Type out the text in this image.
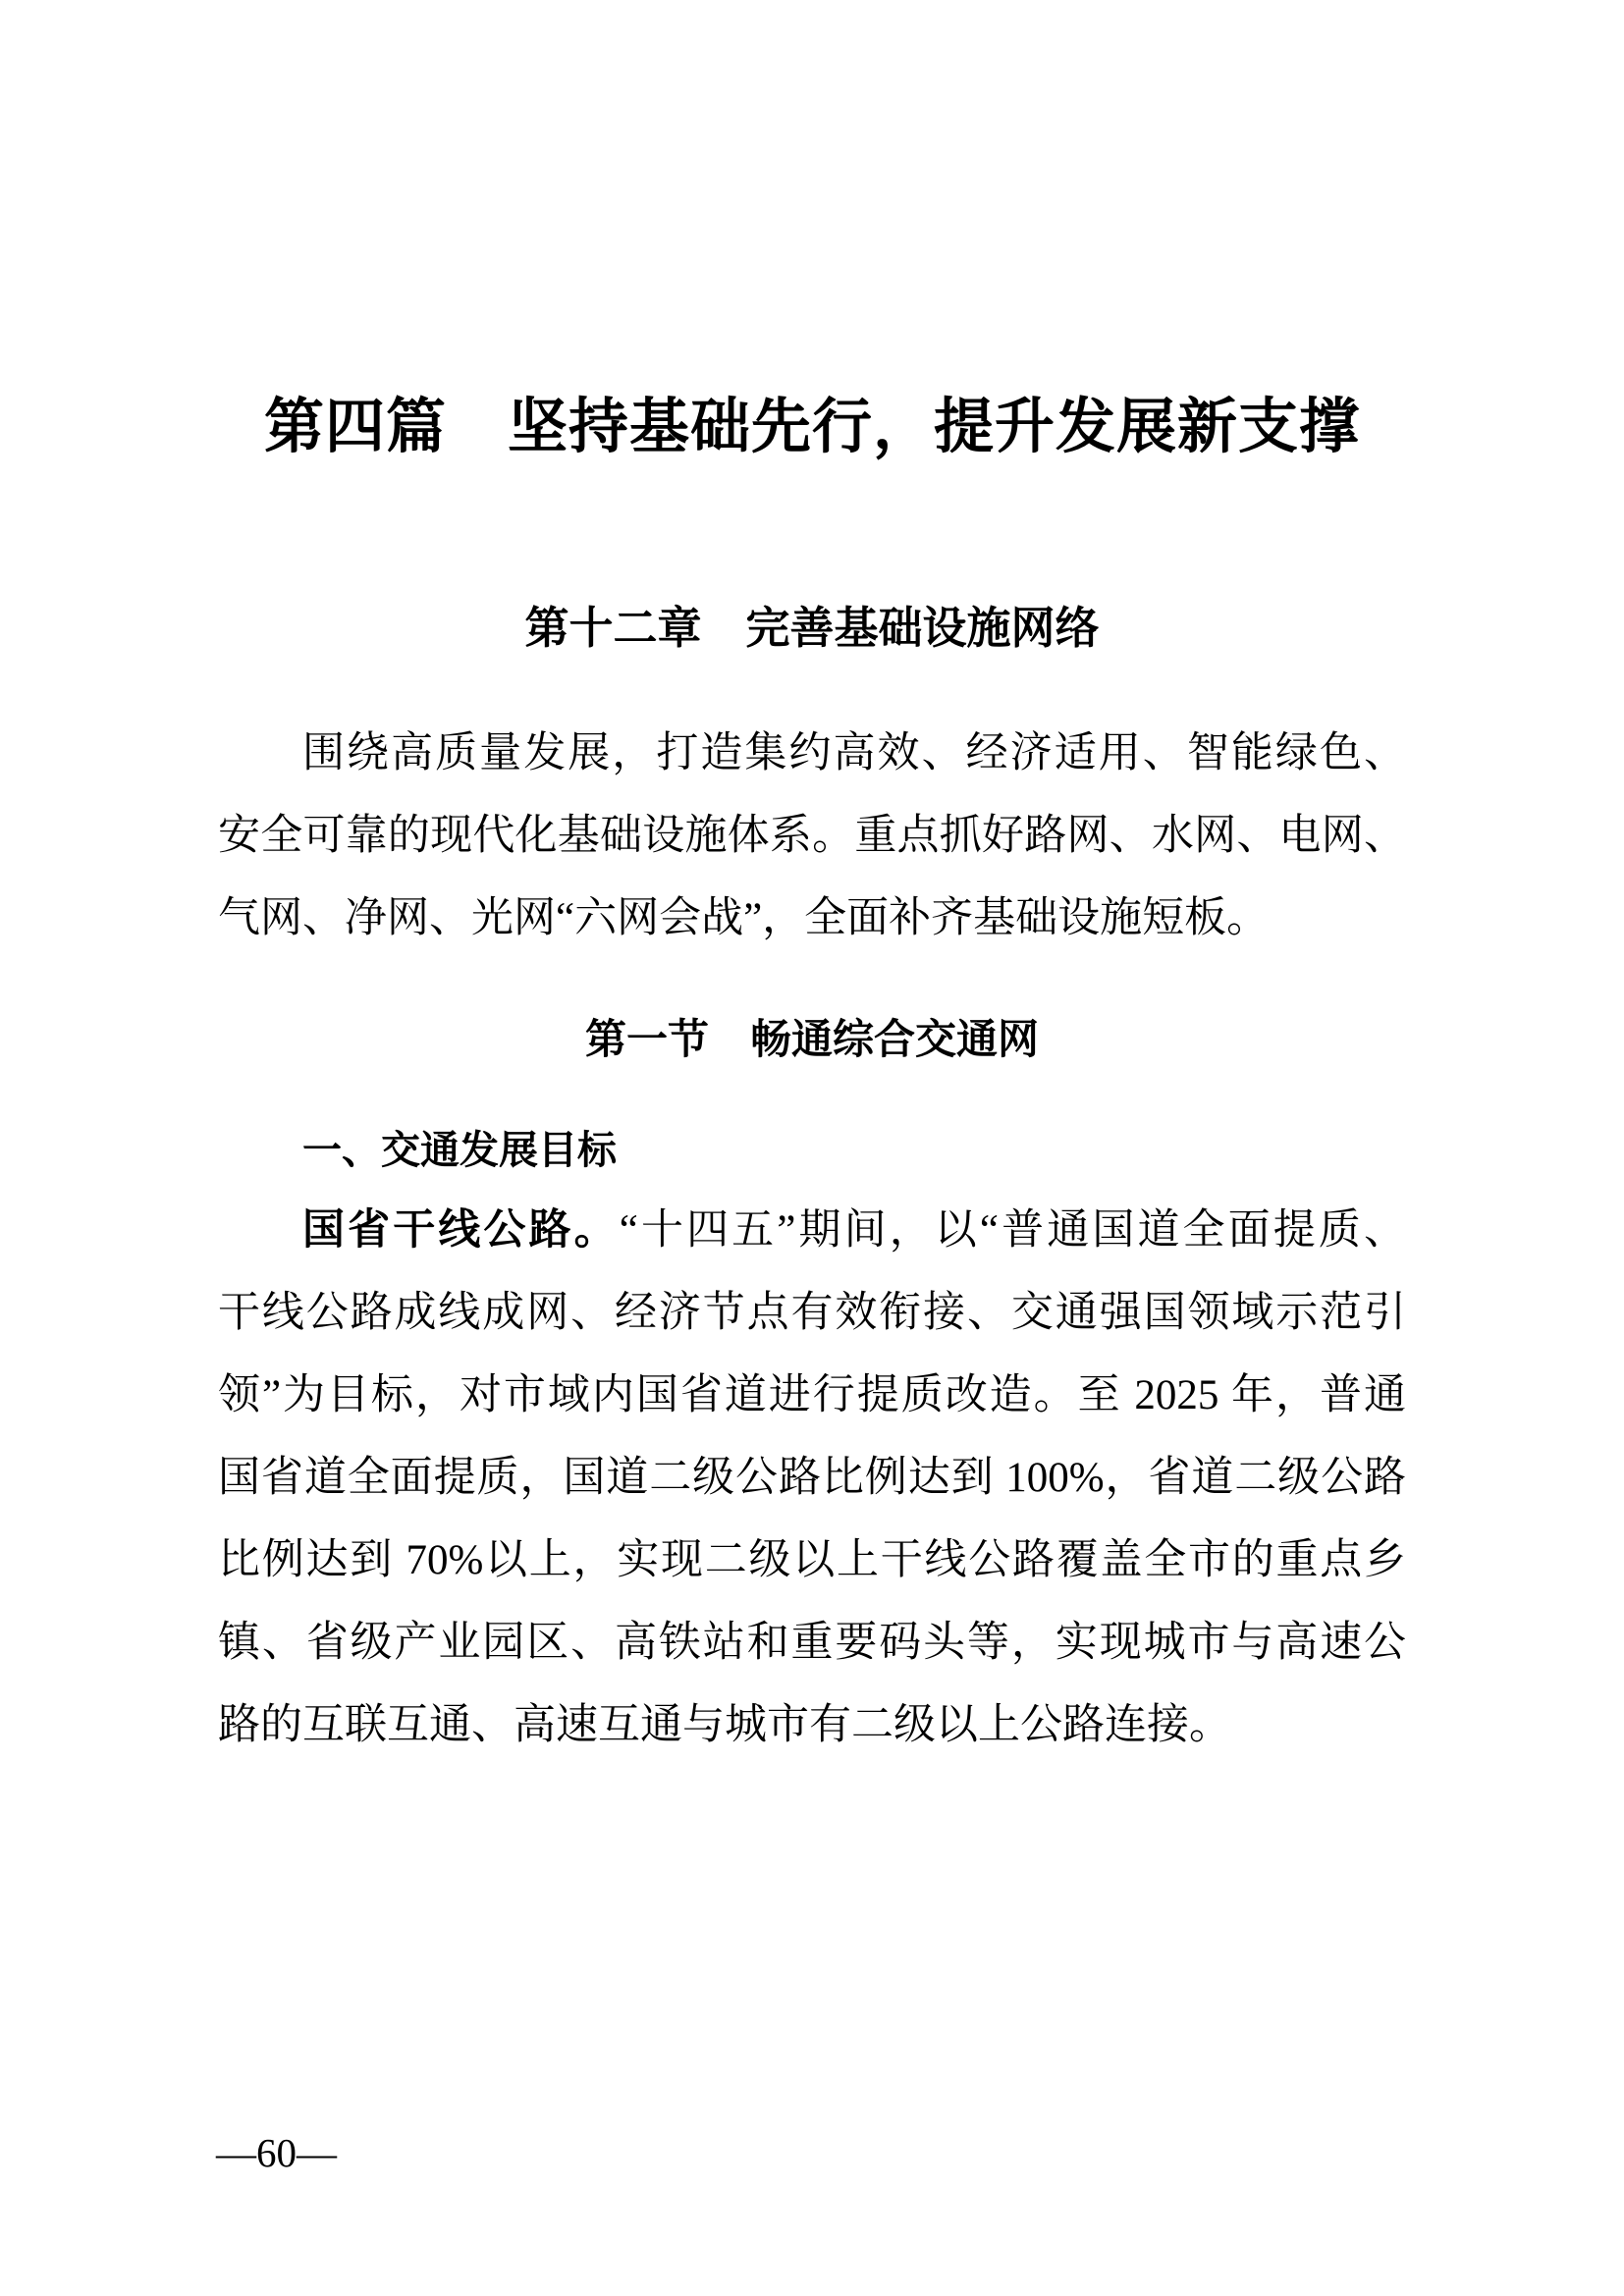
第四篇　坚持基础先行，提升发展新支撑
第十二章　完善基础设施网络
围绕高质量发展，打造集约高效、经济适用、智能绿色、
安全可靠的现代化基础设施体系。重点抓好路网、水网、电网、
气网、净网、光网“六网会战”，全面补齐基础设施短板。
第一节　畅通综合交通网
一、交通发展目标
国省干线公路。“十四五”期间，以“普通国道全面提质、
干线公路成线成网、经济节点有效衔接、交通强国领域示范引
领”为目标，对市域内国省道进行提质改造。至 2025 年，普通
国省道全面提质，国道二级公路比例达到 100%，省道二级公路
比例达到 70%以上，实现二级以上干线公路覆盖全市的重点乡
镇、省级产业园区、高铁站和重要码头等，实现城市与高速公
路的互联互通、高速互通与城市有二级以上公路连接。
—60—
